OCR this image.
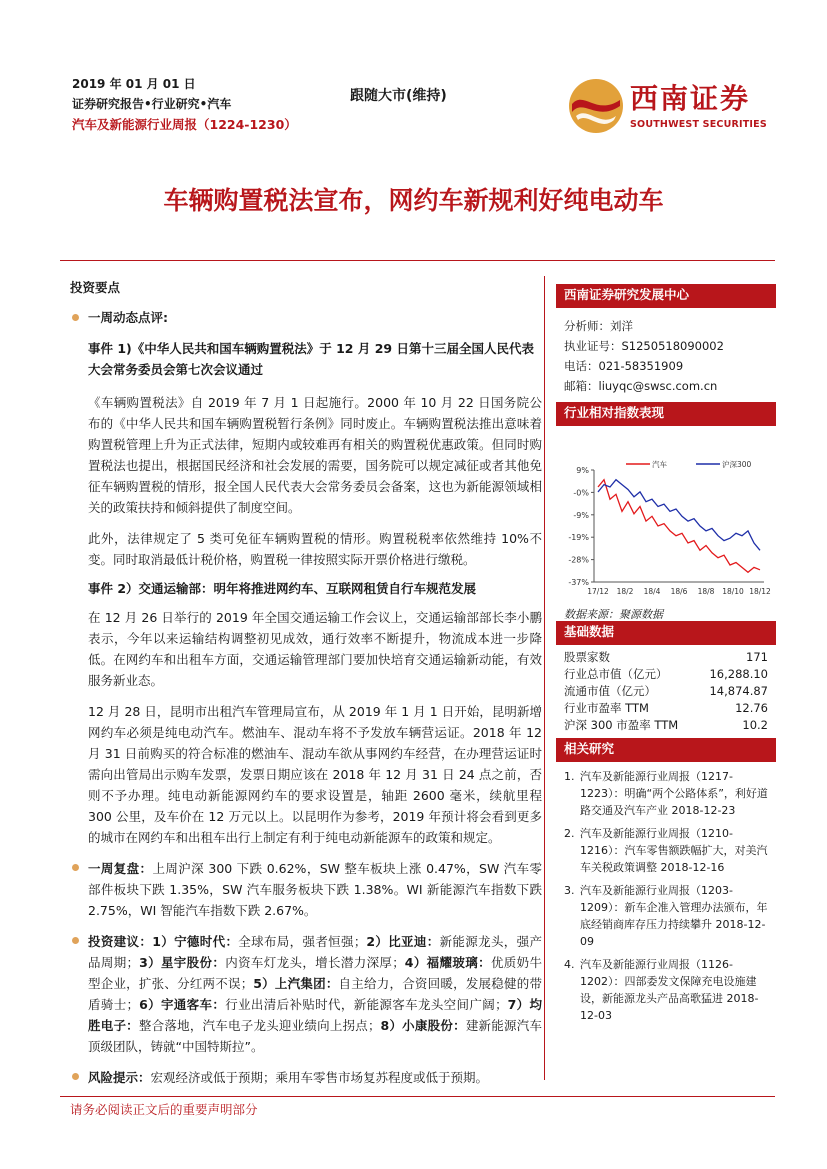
2019 年 01 月 01 日
证券研究报告•行业研究•汽车
汽车及新能源行业周报（1224-1230）
跟随大市(维持)	西南证券
SOUTHWEST SECURITIES
车辆购置税法宣布，网约车新规利好纯电动车
投资要点
一周动态点评:
事件 1)《中华人民共和国车辆购置税法》于 12 月 29 日第十三届全国人民代表大会常务委员会第七次会议通过
《车辆购置税法》自 2019 年 7 月 1 日起施行。2000 年 10 月 22 日国务院公布的《中华人民共和国车辆购置税暂行条例》同时废止。车辆购置税法推出意味着购置税管理上升为正式法律，短期内或较难再有相关的购置税优惠政策。但同时购置税法也提出，根据国民经济和社会发展的需要，国务院可以规定减征或者其他免征车辆购置税的情形，报全国人民代表大会常务委员会备案，这也为新能源领域相关的政策扶持和倾斜提供了制度空间。
此外，法律规定了 5 类可免征车辆购置税的情形。购置税税率依然维持 10%不变。同时取消最低计税价格，购置税一律按照实际开票价格进行缴税。
事件 2）交通运输部：明年将推进网约车、互联网租赁自行车规范发展
在 12 月 26 日举行的 2019 年全国交通运输工作会议上，交通运输部部长李小鹏表示，今年以来运输结构调整初见成效，通行效率不断提升，物流成本进一步降低。在网约车和出租车方面，交通运输管理部门要加快培育交通运输新动能，有效服务新业态。
12 月 28 日，昆明市出租汽车管理局宣布，从 2019 年 1 月 1 日开始，昆明新增网约车必须是纯电动汽车。燃油车、混动车将不予发放车辆营运证。2018 年 12 月 31 日前购买的符合标准的燃油车、混动车欲从事网约车经营，在办理营运证时需向出管局出示购车发票，发票日期应该在 2018 年 12 月 31 日 24 点之前，否则不予办理。纯电动新能源网约车的要求设置是，轴距 2600 毫米，续航里程 300 公里，及车价在 12 万元以上。以昆明作为参考，2019 年预计将会看到更多的城市在网约车和出租车出行上制定有利于纯电动新能源车的政策和规定。
一周复盘：上周沪深 300 下跌 0.62%，SW 整车板块上涨 0.47%，SW 汽车零部件板块下跌 1.35%，SW 汽车服务板块下跌 1.38%。WI 新能源汽车指数下跌 2.75%，WI 智能汽车指数下跌 2.67%。
投资建议：1）宁德时代：全球布局，强者恒强；2）比亚迪：新能源龙头，强产品周期；3）星宇股份：内资车灯龙头，增长潜力深厚；4）福耀玻璃：优质奶牛型企业，扩张、分红两不误；5）上汽集团：自主给力，合资回暖，发展稳健的带盾骑士；6）宇通客车：行业出清后补贴时代，新能源客车龙头空间广阔；7）均胜电子：整合落地，汽车电子龙头迎业绩向上拐点；8）小康股份：建新能源汽车顶级团队，铸就“中国特斯拉”。
风险提示：宏观经济或低于预期；乘用车零售市场复苏程度或低于预期。
西南证券研究发展中心
分析师：刘洋
执业证号：S1250518090002
电话：021-58351909
邮箱：liuyqc@swsc.com.cn
行业相对指数表现
9%
-0%
-9%
-19%
-28%
-37%
17/12 18/2 18/4 18/6 18/8 18/10 18/12
汽车	沪深300
数据来源：聚源数据
基础数据
股票家数	171
行业总市值（亿元）	16,288.10
流通市值（亿元）	14,874.87
行业市盈率 TTM	12.76
沪深 300 市盈率 TTM	10.2
相关研究
1. 汽车及新能源行业周报（1217-1223）：明确“两个公路体系”，利好道路交通及汽车产业 2018-12-23
2. 汽车及新能源行业周报（1210-1216）：汽车零售额跌幅扩大，对美汽车关税政策调整 2018-12-16
3. 汽车及新能源行业周报（1203-1209）：新车企准入管理办法颁布，年底经销商库存压力持续攀升 2018-12-09
4. 汽车及新能源行业周报（1126-1202）：四部委发文保障充电设施建设，新能源龙头产品高歌猛进 2018-12-03
请务必阅读正文后的重要声明部分
